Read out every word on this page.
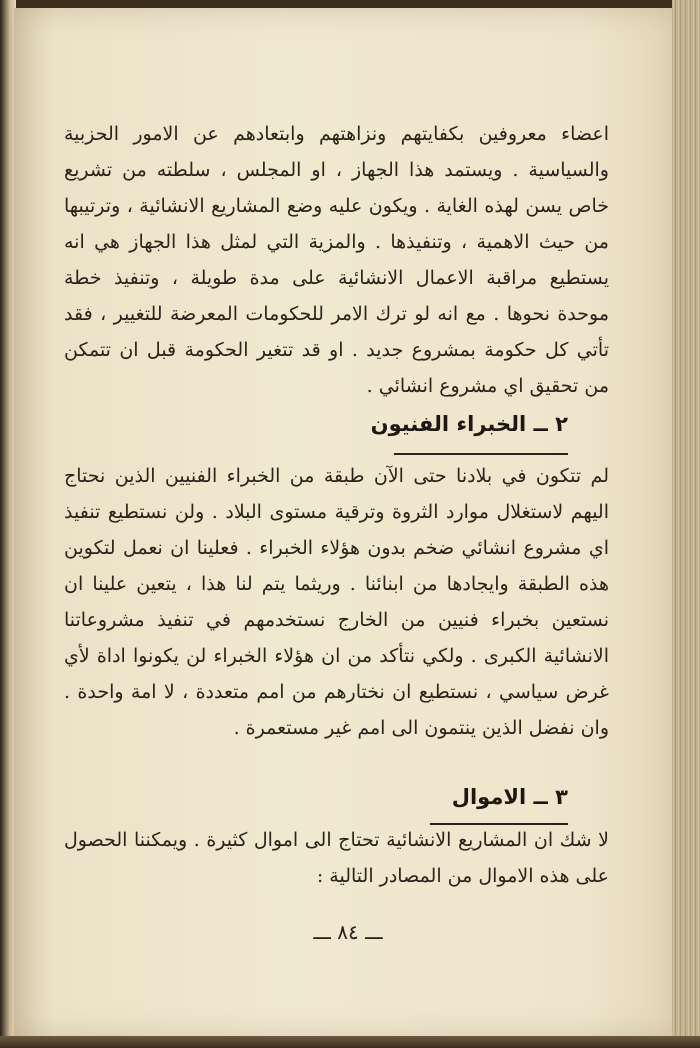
اعضاء معروفين بكفايتهم ونزاهتهم وابتعادهم عن الامور الحزبية والسياسية . ويستمد هذا الجهاز ، او المجلس ، سلطته من تشريع خاص يسن لهذه الغاية . ويكون عليه وضع المشاريع الانشائية ، وترتيبها من حيث الاهمية ، وتنفيذها . والمزية التي لمثل هذا الجهاز هي انه يستطيع مراقبة الاعمال الانشائية على مدة طويلة ، وتنفيذ خطة موحدة نحوها . مع انه لو ترك الامر للحكومات المعرضة للتغيير ، فقد تأتي كل حكومة بمشروع جديد . او قد تتغير الحكومة قبل ان تتمكن من تحقيق اي مشروع انشائي .
٢ ــ الخبراء الفنيون
لم تتكون في بلادنا حتى الآن طبقة من الخبراء الفنيين الذين نحتاج اليهم لاستغلال موارد الثروة وترقية مستوى البلاد . ولن نستطيع تنفيذ اي مشروع انشائي ضخم بدون هؤلاء الخبراء . فعلينا ان نعمل لتكوين هذه الطبقة وايجادها من ابنائنا . وريثما يتم لنا هذا ، يتعين علينا ان نستعين بخبراء فنيين من الخارج نستخدمهم في تنفيذ مشروعاتنا الانشائية الكبرى . ولكي نتأكد من ان هؤلاء الخبراء لن يكونوا اداة لأي غرض سياسي ، نستطيع ان نختارهم من امم متعددة ، لا امة واحدة . وان نفضل الذين ينتمون الى امم غير مستعمرة .
٣ ــ الاموال
لا شك ان المشاريع الانشائية تحتاج الى اموال كثيرة . ويمكننا الحصول على هذه الاموال من المصادر التالية :
ـــ ٨٤ ـــ
